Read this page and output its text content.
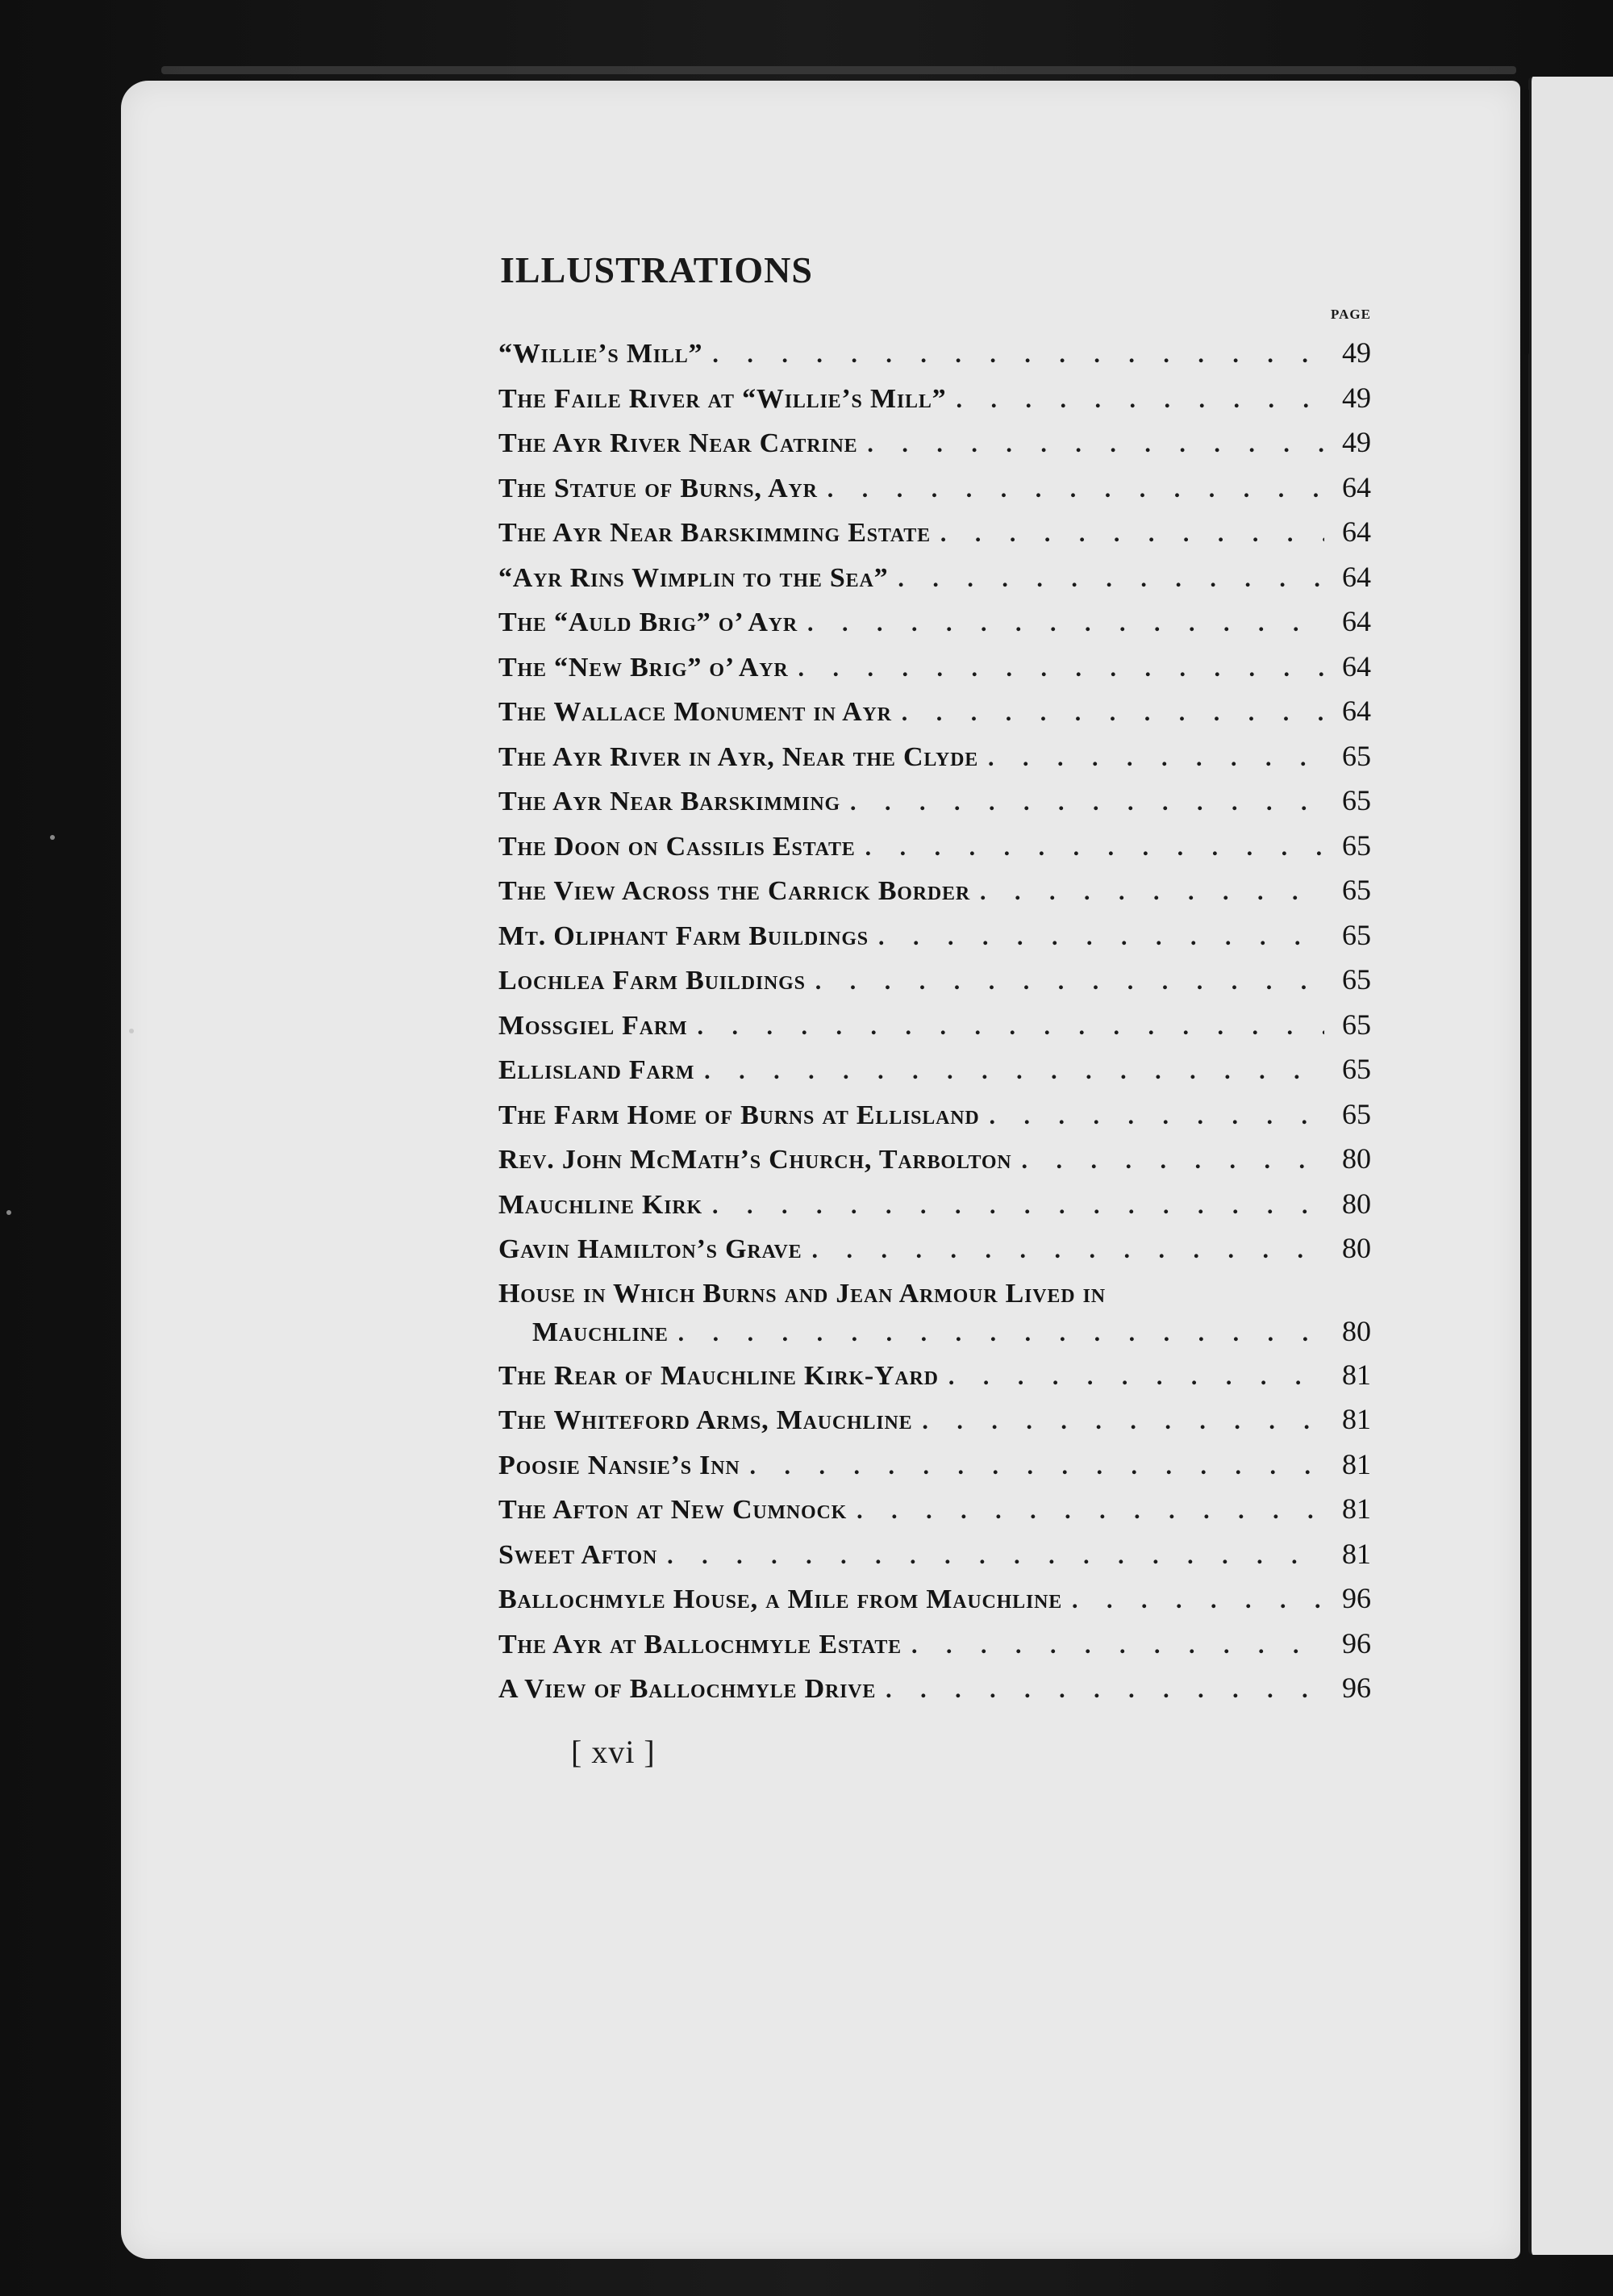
ILLUSTRATIONS
PAGE
“Willie’s Mill” . . .	49
The Faile River at “Willie’s Mill” . . .	49
The Ayr River Near Catrine . . .	49
The Statue of Burns, Ayr . . .	64
The Ayr Near Barskimming Estate . . .	64
“Ayr Rins Wimplin to the Sea” . . .	64
The “Auld Brig” o’ Ayr . . .	64
The “New Brig” o’ Ayr . . .	64
The Wallace Monument in Ayr . . .	64
The Ayr River in Ayr, Near the Clyde . . .	65
The Ayr Near Barskimming . . .	65
The Doon on Cassilis Estate . . .	65
The View Across the Carrick Border . . .	65
Mt. Oliphant Farm Buildings . . .	65
Lochlea Farm Buildings . . .	65
Mossgiel Farm . . .	65
Ellisland Farm . . .	65
The Farm Home of Burns at Ellisland . . .	65
Rev. John McMath’s Church, Tarbolton . . .	80
Mauchline Kirk . . .	80
Gavin Hamilton’s Grave . . .	80
House in Which Burns and Jean Armour Lived in
Mauchline . . .	80
The Rear of Mauchline Kirk-Yard . . .	81
The Whiteford Arms, Mauchline . . .	81
Poosie Nansie’s Inn . . .	81
The Afton at New Cumnock . . .	81
Sweet Afton . . .	81
Ballochmyle House, a Mile from Mauchline . . .	96
The Ayr at Ballochmyle Estate . . .	96
A View of Ballochmyle Drive . . .	96
[ xvi ]
